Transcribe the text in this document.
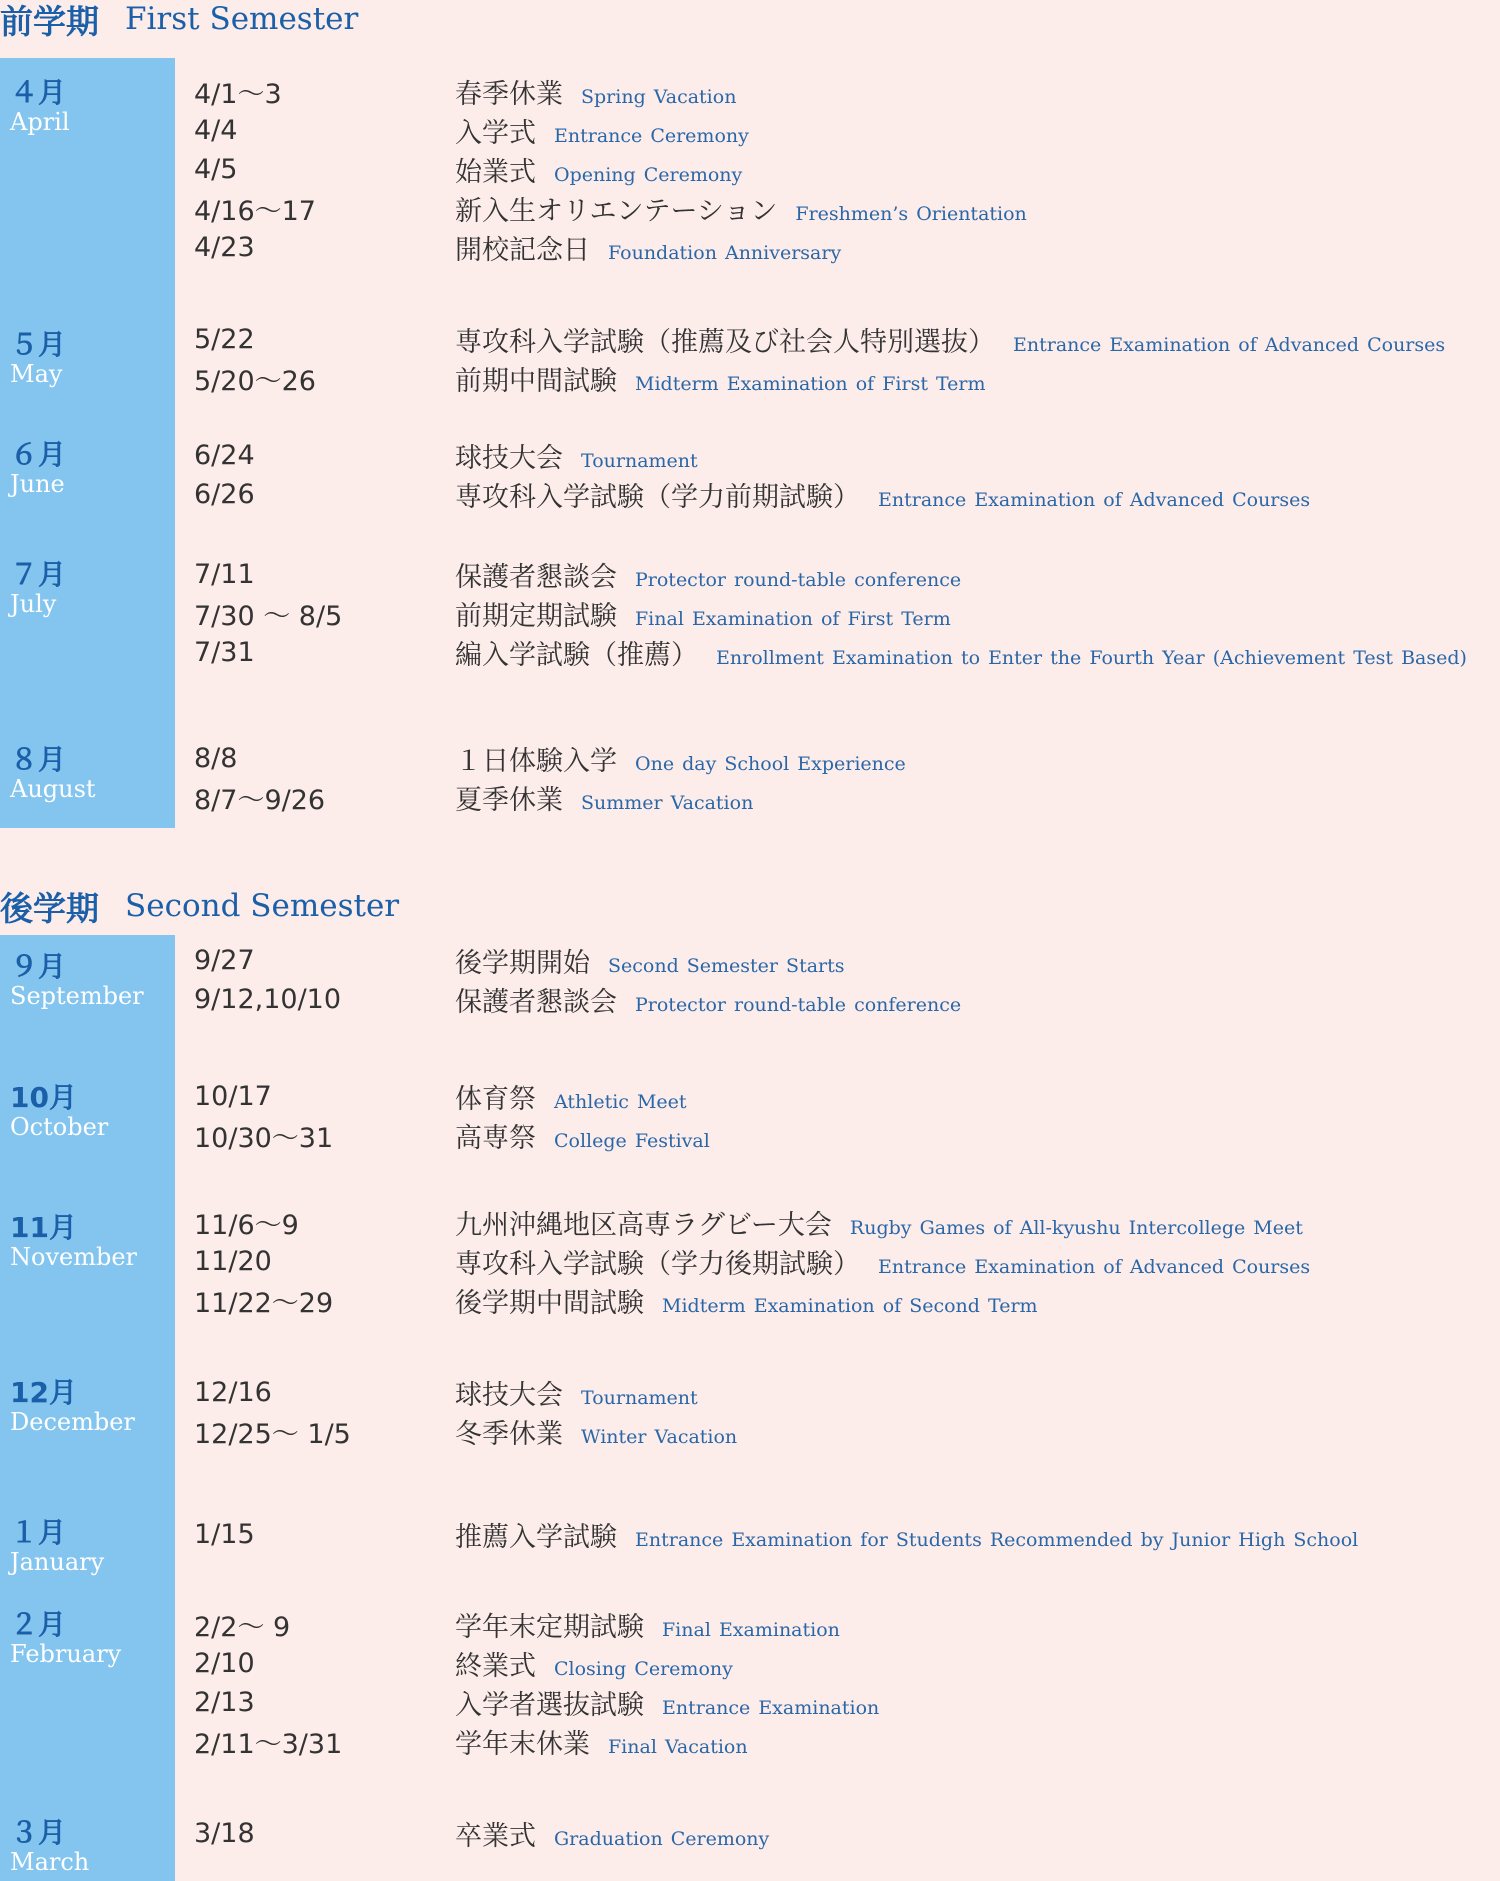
前学期 First Semester
４月
April
4/1～3	春季休業 Spring Vacation
4/4	入学式 Entrance Ceremony
4/5	始業式 Opening Ceremony
4/16～17	新入生オリエンテーション Freshmen’s Orientation
4/23	開校記念日 Foundation Anniversary
５月
May
5/22	専攻科入学試験（推薦及び社会人特別選抜） Entrance Examination of Advanced Courses
5/20～26	前期中間試験 Midterm Examination of First Term
６月
June
6/24	球技大会 Tournament
6/26	専攻科入学試験（学力前期試験） Entrance Examination of Advanced Courses
７月
July
7/11	保護者懇談会 Protector round-table conference
7/30 ～ 8/5	前期定期試験 Final Examination of First Term
7/31	編入学試験（推薦） Enrollment Examination to Enter the Fourth Year (Achievement Test Based)
８月
August
8/8	１日体験入学 One day School Experience
8/7～9/26	夏季休業 Summer Vacation
後学期 Second Semester
９月
September
9/27	後学期開始 Second Semester Starts
9/12,10/10	保護者懇談会 Protector round-table conference
10月
October
10/17	体育祭 Athletic Meet
10/30～31	高専祭 College Festival
11月
November
11/6～9	九州沖縄地区高専ラグビー大会 Rugby Games of All-kyushu Intercollege Meet
11/20	専攻科入学試験（学力後期試験） Entrance Examination of Advanced Courses
11/22～29	後学期中間試験 Midterm Examination of Second Term
12月
December
12/16	球技大会 Tournament
12/25～ 1/5	冬季休業 Winter Vacation
１月
January
1/15	推薦入学試験 Entrance Examination for Students Recommended by Junior High School
２月
February
2/2～ 9	学年末定期試験 Final Examination
2/10	終業式 Closing Ceremony
2/13	入学者選抜試験 Entrance Examination
2/11～3/31	学年末休業 Final Vacation
３月
March
3/18	卒業式 Graduation Ceremony
